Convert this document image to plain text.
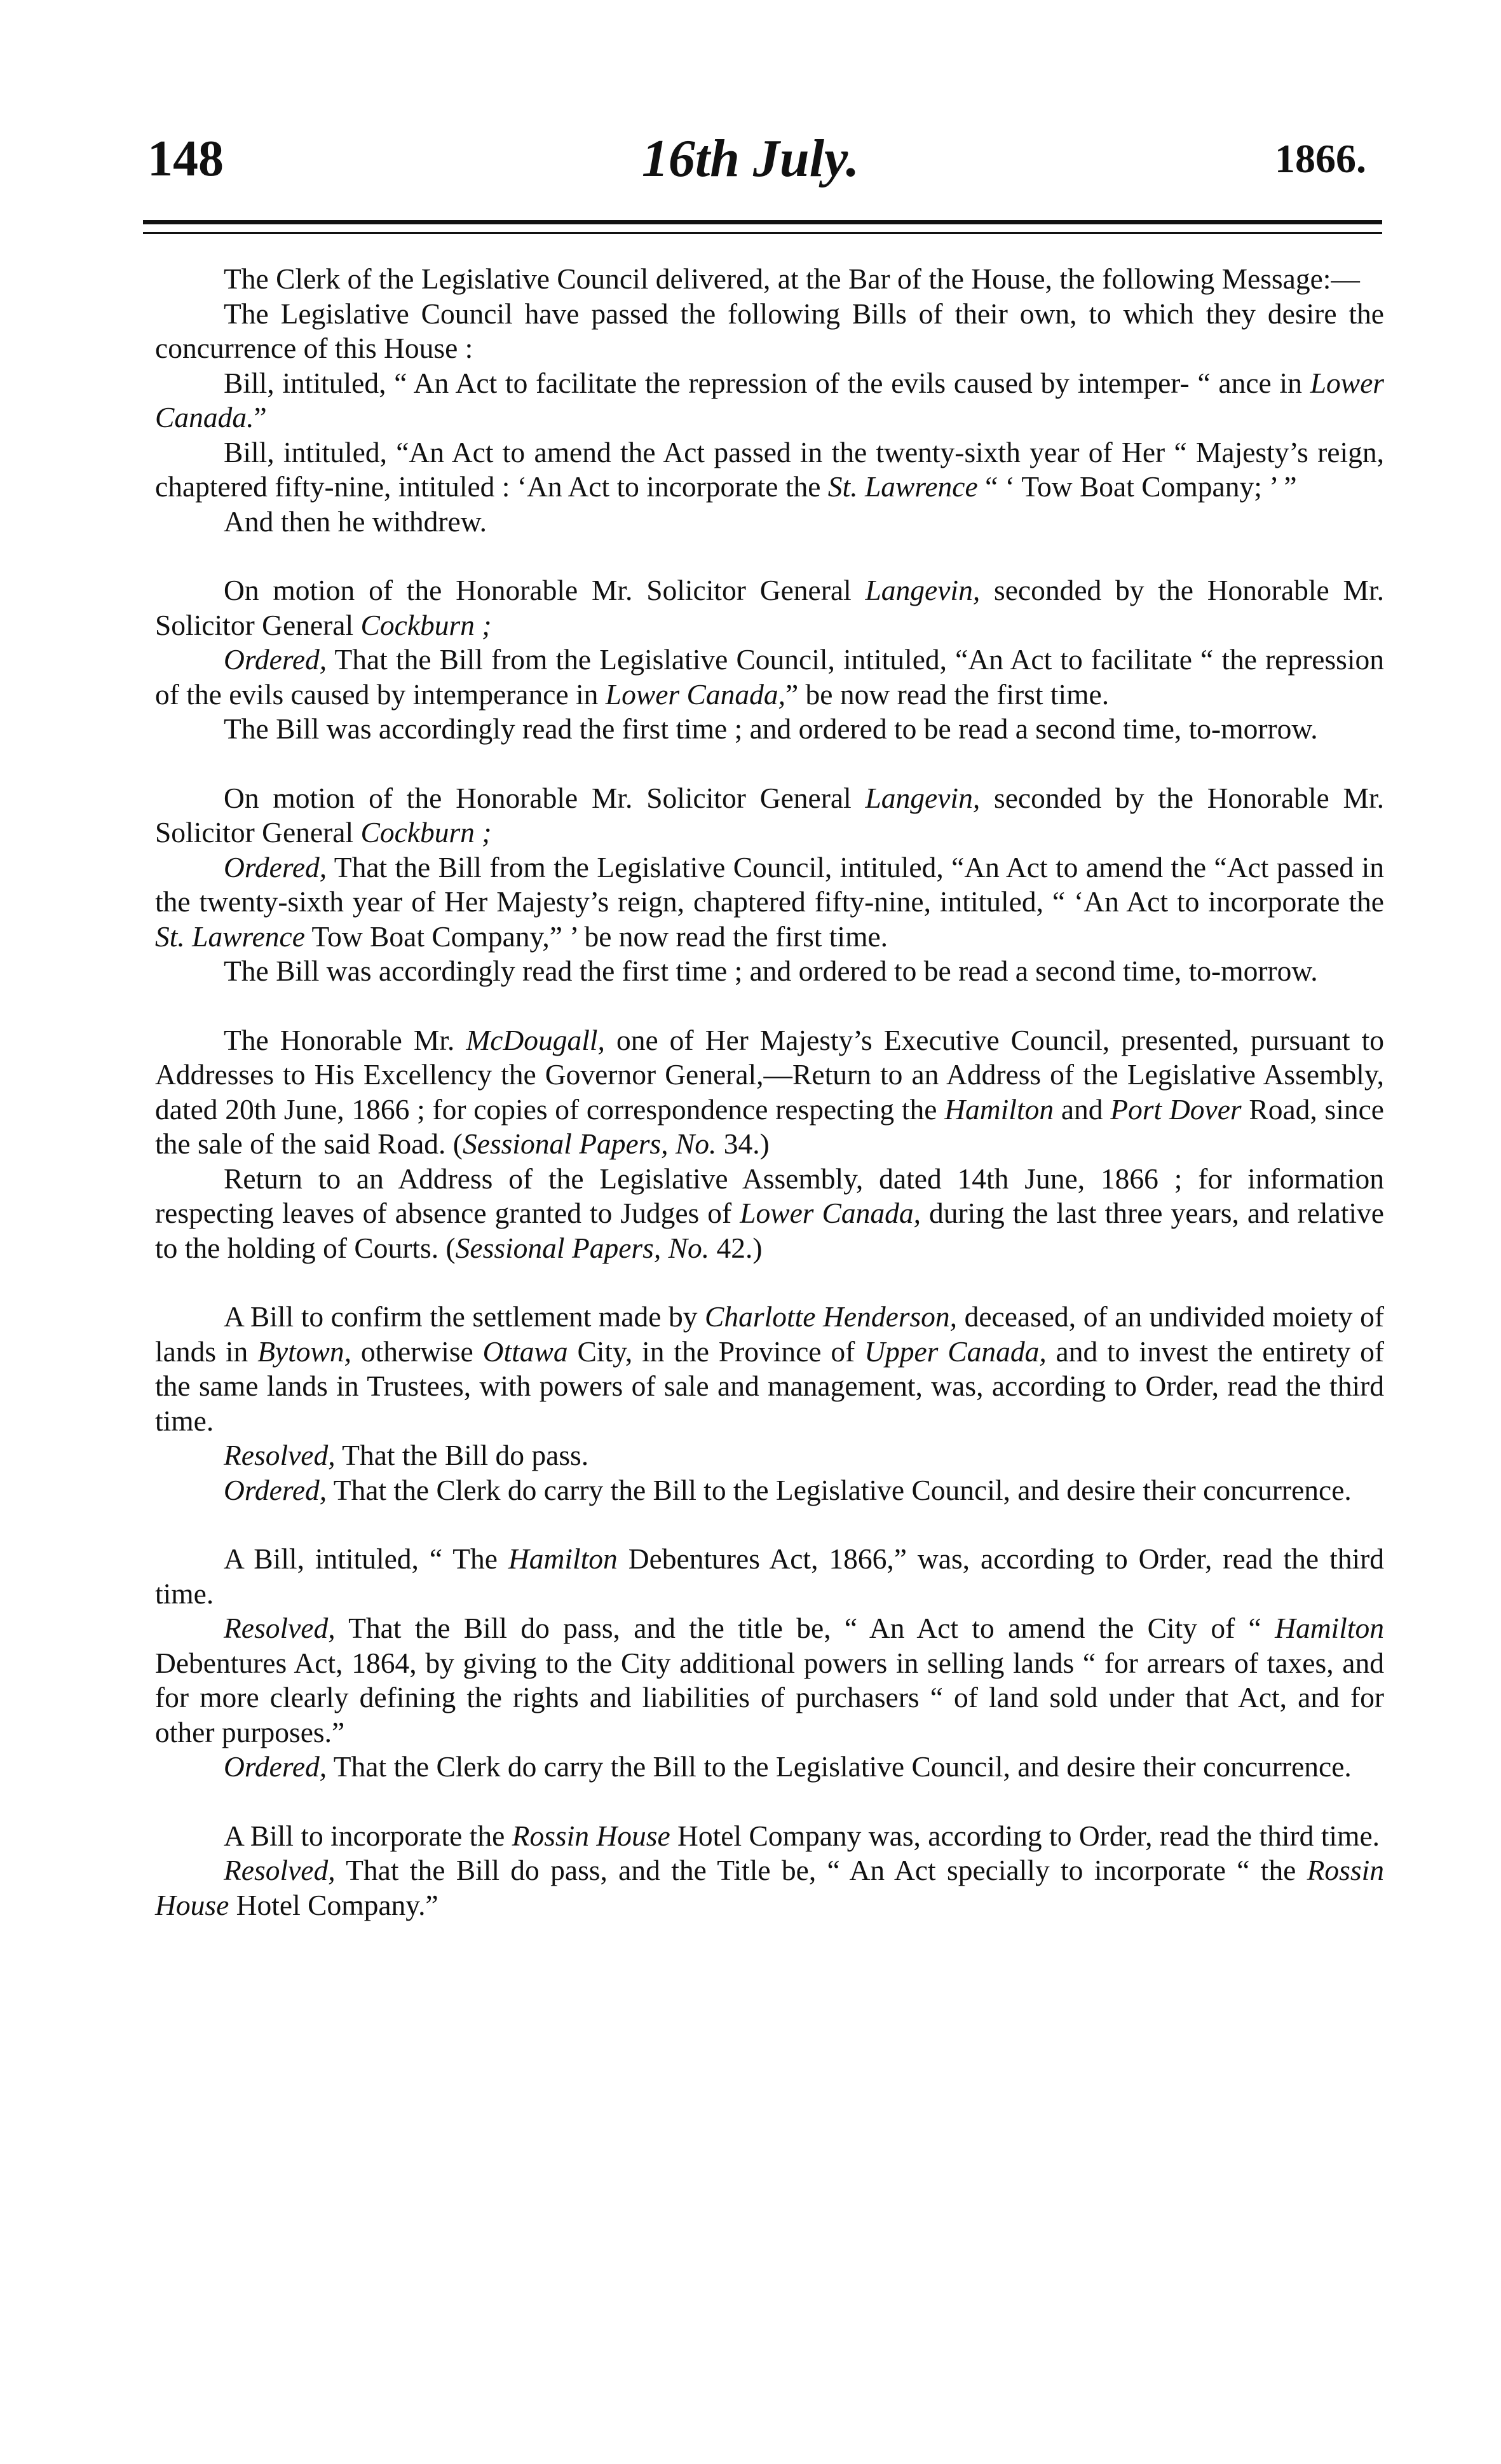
148	16th July.	1866.

The Clerk of the Legislative Council delivered, at the Bar of the House, the following Message:—

The Legislative Council have passed the following Bills of their own, to which they desire the concurrence of this House :

Bill, intituled, “ An Act to facilitate the repression of the evils caused by intemper- “ ance in Lower Canada.”

Bill, intituled, “An Act to amend the Act passed in the twenty-sixth year of Her “ Majesty’s reign, chaptered fifty-nine, intituled : ‘An Act to incorporate the St. Lawrence “ ‘ Tow Boat Company; ’ ”

And then he withdrew.

On motion of the Honorable Mr. Solicitor General Langevin, seconded by the Honorable Mr. Solicitor General Cockburn ;

Ordered, That the Bill from the Legislative Council, intituled, “An Act to facilitate “ the repression of the evils caused by intemperance in Lower Canada,” be now read the first time.

The Bill was accordingly read the first time ; and ordered to be read a second time, to-morrow.

On motion of the Honorable Mr. Solicitor General Langevin, seconded by the Honorable Mr. Solicitor General Cockburn ;

Ordered, That the Bill from the Legislative Council, intituled, “An Act to amend the “Act passed in the twenty-sixth year of Her Majesty’s reign, chaptered fifty-nine, intituled, “ ‘An Act to incorporate the St. Lawrence Tow Boat Company,” ’ be now read the first time.

The Bill was accordingly read the first time ; and ordered to be read a second time, to-morrow.

The Honorable Mr. McDougall, one of Her Majesty’s Executive Council, presented, pursuant to Addresses to His Excellency the Governor General,—Return to an Address of the Legislative Assembly, dated 20th June, 1866 ; for copies of correspondence respecting the Hamilton and Port Dover Road, since the sale of the said Road. (Sessional Papers, No. 34.)

Return to an Address of the Legislative Assembly, dated 14th June, 1866 ; for information respecting leaves of absence granted to Judges of Lower Canada, during the last three years, and relative to the holding of Courts. (Sessional Papers, No. 42.)

A Bill to confirm the settlement made by Charlotte Henderson, deceased, of an undivided moiety of lands in Bytown, otherwise Ottawa City, in the Province of Upper Canada, and to invest the entirety of the same lands in Trustees, with powers of sale and management, was, according to Order, read the third time.

Resolved, That the Bill do pass.

Ordered, That the Clerk do carry the Bill to the Legislative Council, and desire their concurrence.

A Bill, intituled, “ The Hamilton Debentures Act, 1866,” was, according to Order, read the third time.

Resolved, That the Bill do pass, and the title be, “ An Act to amend the City of “ Hamilton Debentures Act, 1864, by giving to the City additional powers in selling lands “ for arrears of taxes, and for more clearly defining the rights and liabilities of purchasers “ of land sold under that Act, and for other purposes.”

Ordered, That the Clerk do carry the Bill to the Legislative Council, and desire their concurrence.

A Bill to incorporate the Rossin House Hotel Company was, according to Order, read the third time.

Resolved, That the Bill do pass, and the Title be, “ An Act specially to incorporate “ the Rossin House Hotel Company.”
